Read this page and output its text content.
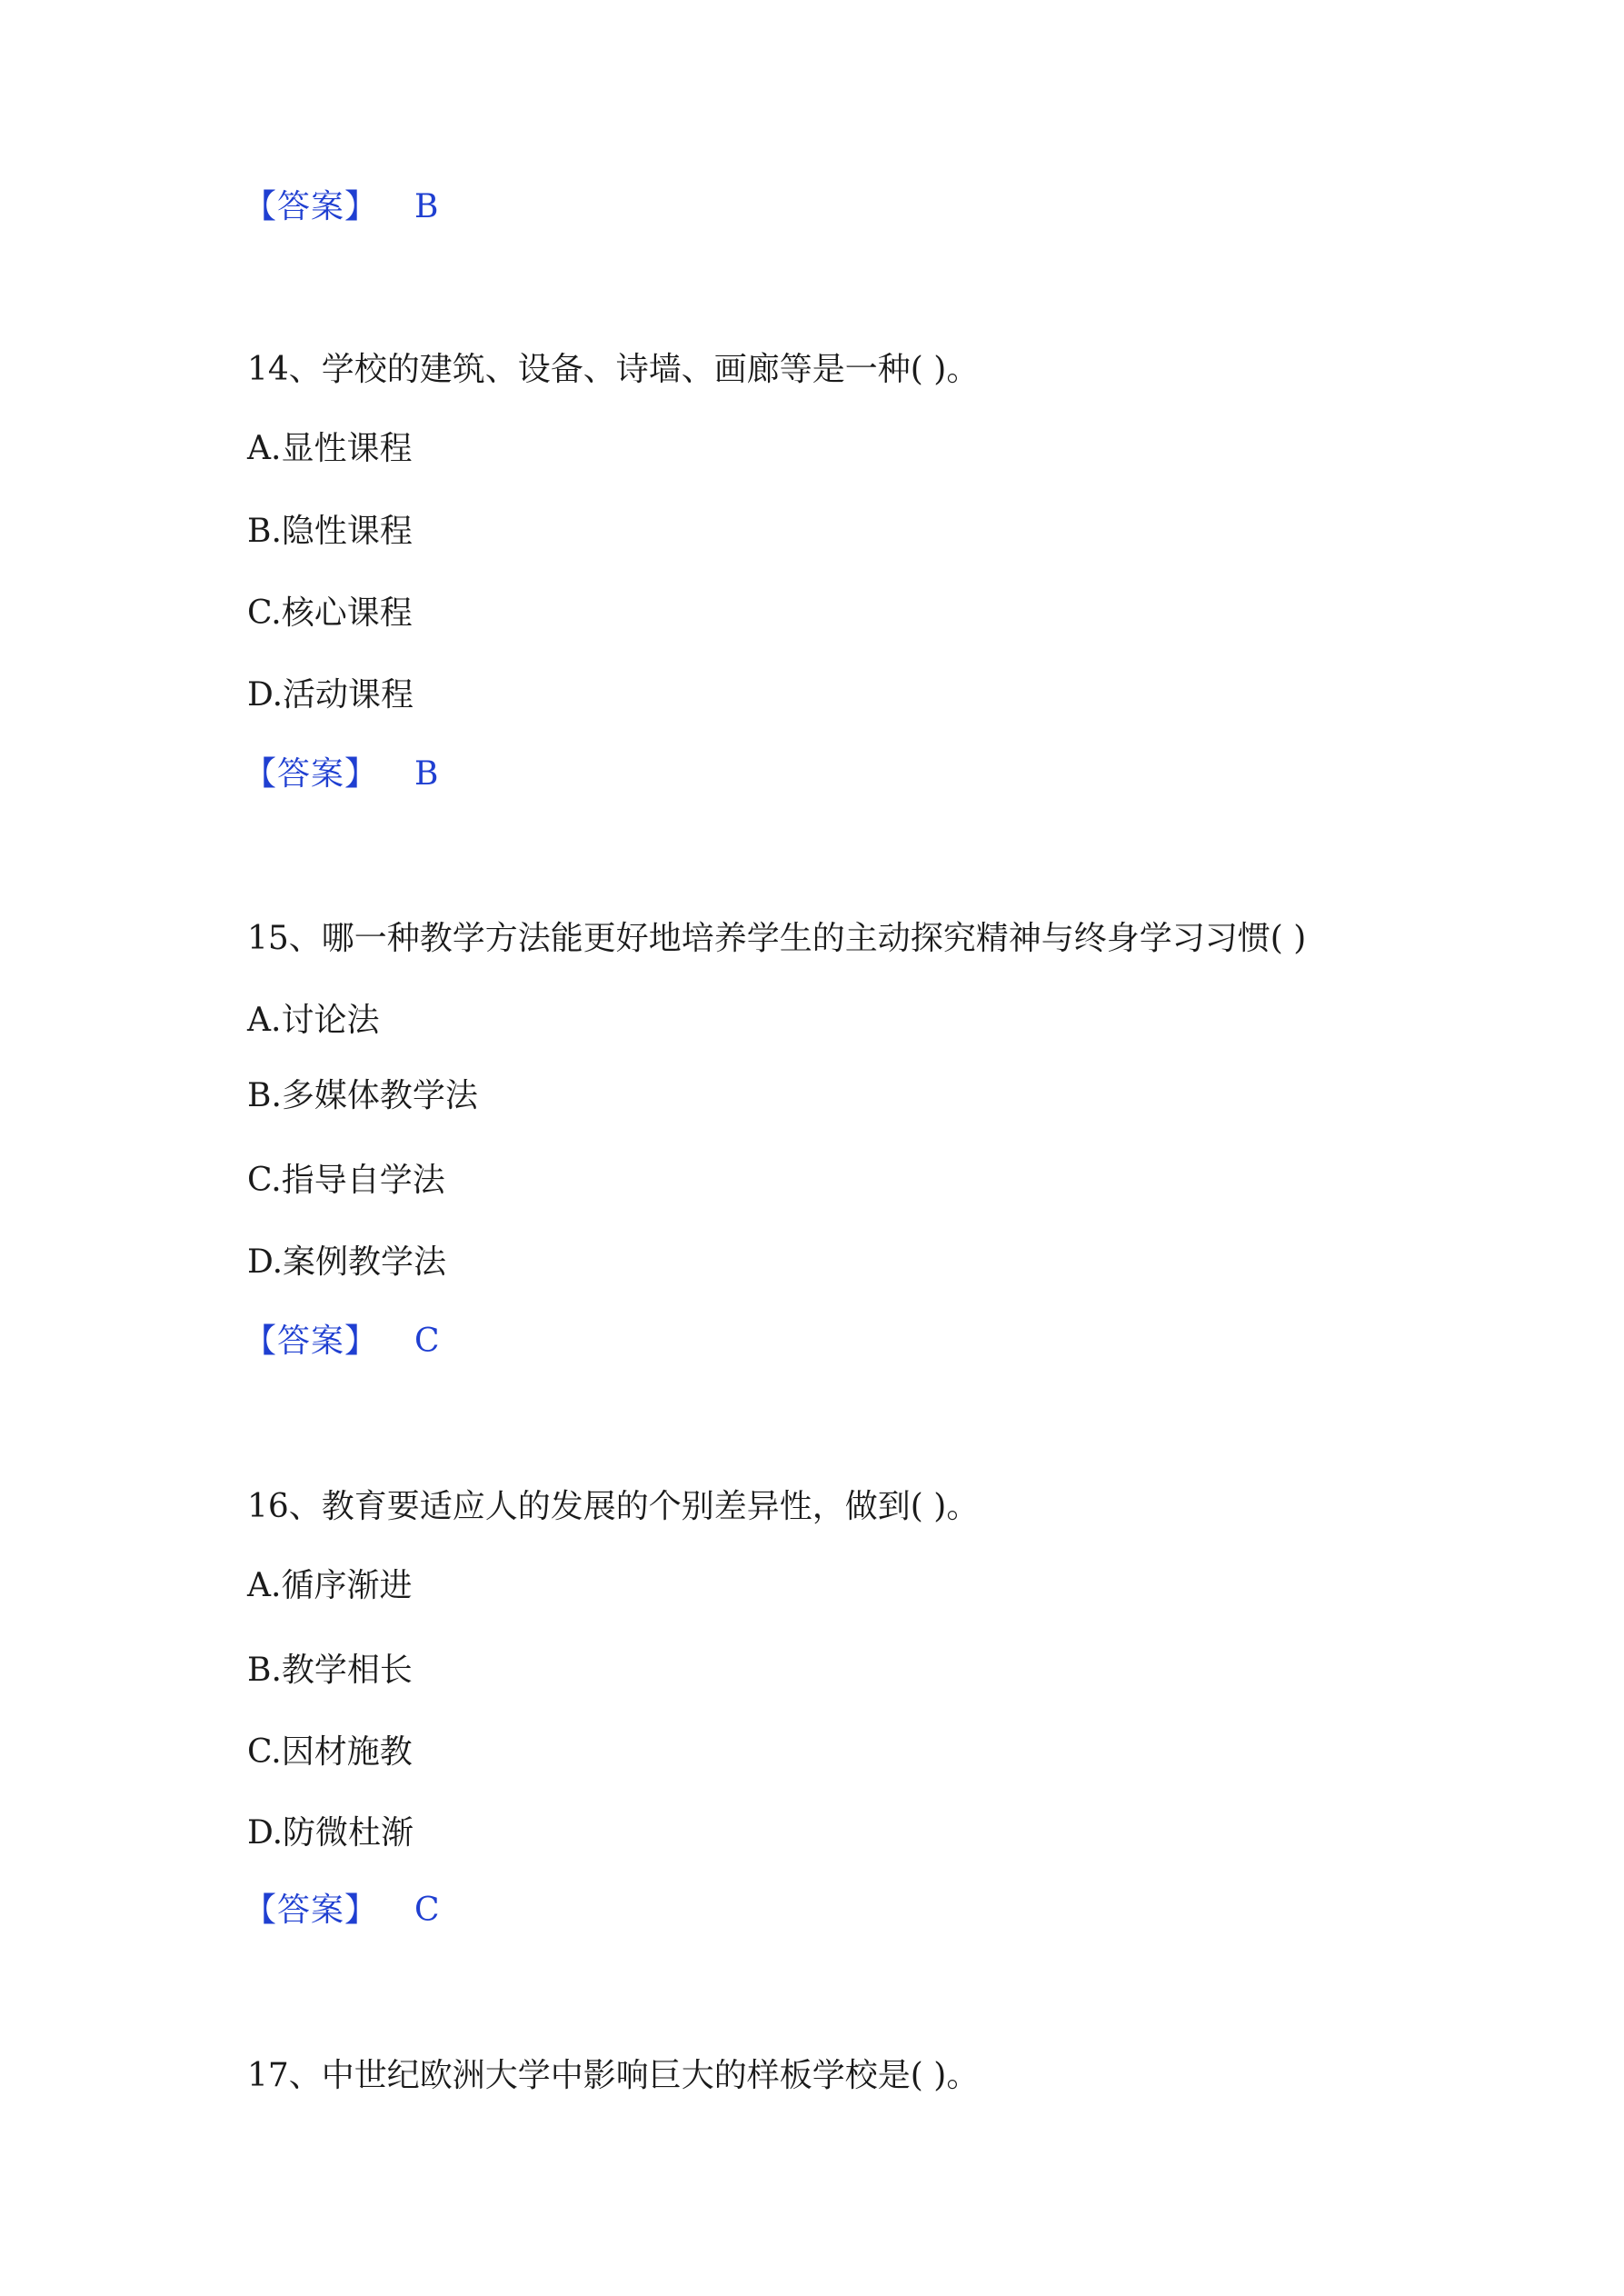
【答案】 B
14、学校的建筑、设备、诗墙、画廊等是一种( )。
A.显性课程
B.隐性课程
C.核心课程
D.活动课程
【答案】 B
15、哪一种教学方法能更好地培养学生的主动探究精神与终身学习习惯( )
A.讨论法
B.多媒体教学法
C.指导自学法
D.案例教学法
【答案】 C
16、教育要适应人的发展的个别差异性，做到( )。
A.循序渐进
B.教学相长
C.因材施教
D.防微杜渐
【答案】 C
17、中世纪欧洲大学中影响巨大的样板学校是( )。
